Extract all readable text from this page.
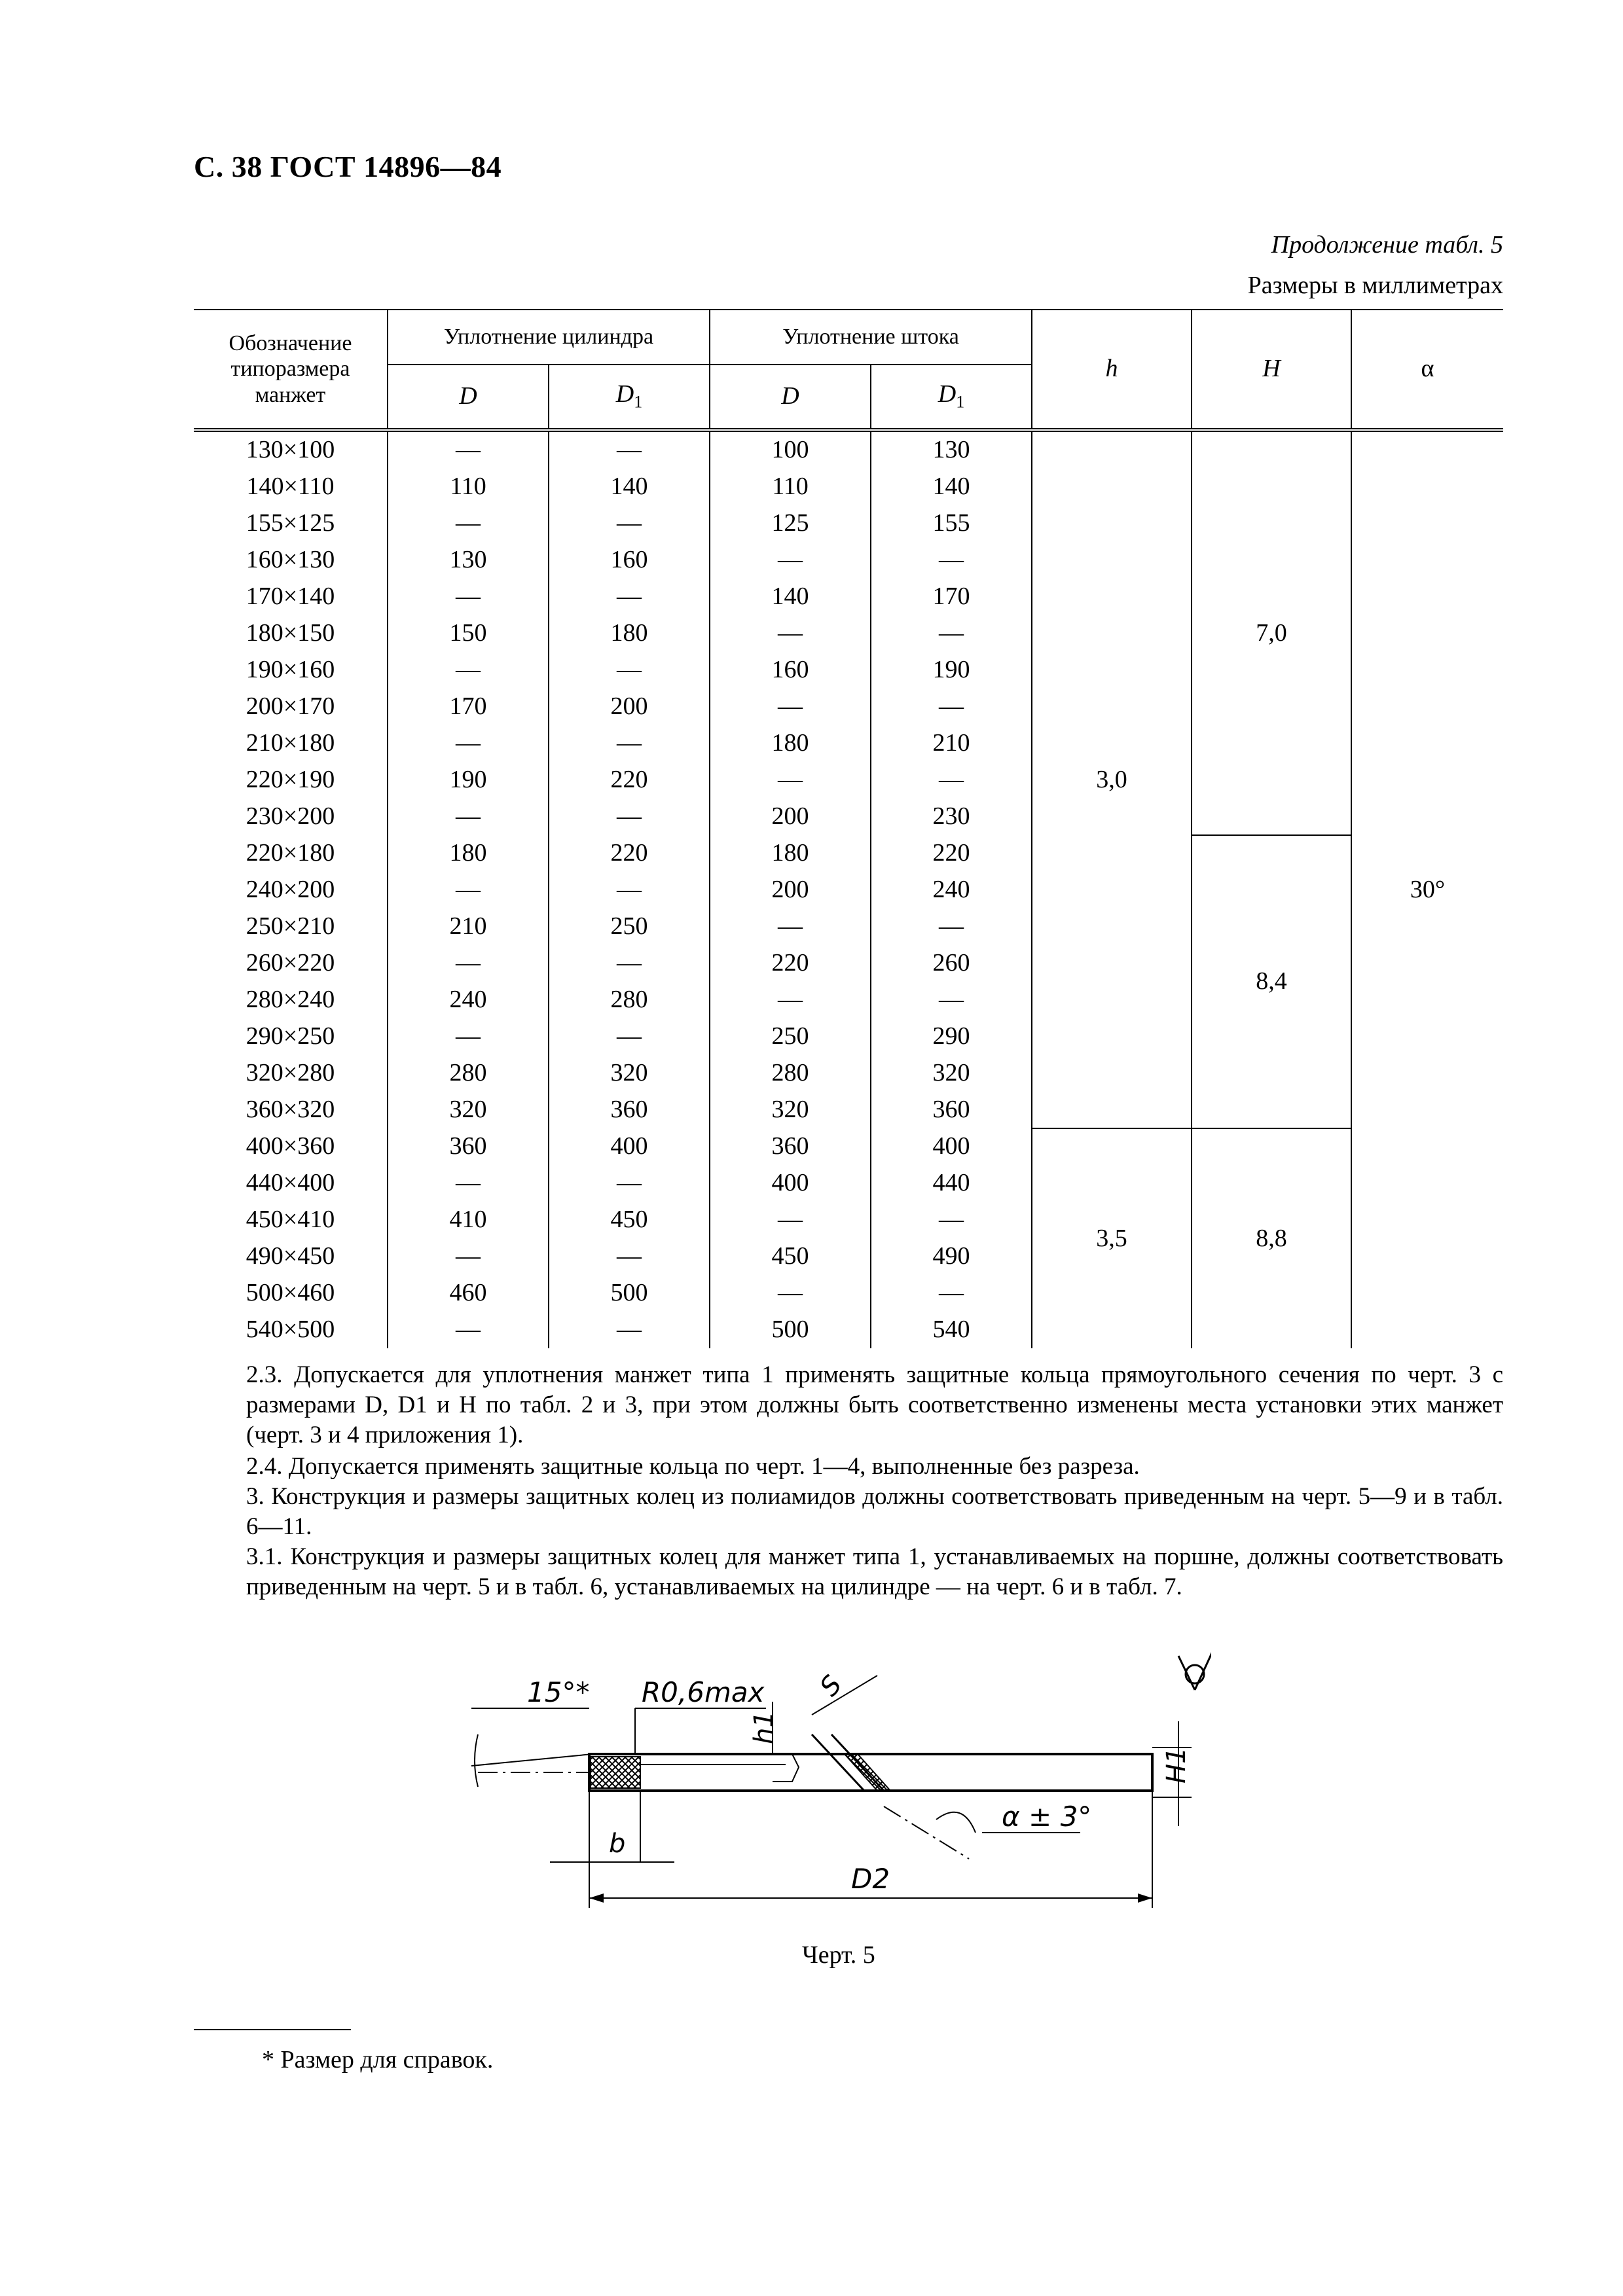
С. 38 ГОСТ 14896—84
Продолжение табл. 5
Размеры в миллиметрах
Обозначение типоразмера манжет	Уплотнение цилиндра		Уплотнение штока		h	H	α
	D	$D_1$	D	$D_1$
130×100	—	—	100	130	3,0	7,0	30°
140×110	110	140	110	140			
155×125	—	—	125	155			
160×130	130	160	—	—			
170×140	—	—	140	170			
180×150	150	180	—	—			
190×160	—	—	160	190			
200×170	170	200	—	—			
210×180	—	—	180	210			
220×190	190	220	—	—			
230×200	—	—	200	230			
220×180	180	220	180	220		8,4	
240×200	—	—	200	240			
250×210	210	250	—	—			
260×220	—	—	220	260			
280×240	240	280	—	—			
290×250	—	—	250	290			
320×280	280	320	280	320			
360×320	320	360	320	360			
400×360	360	400	360	400	3,5	8,8	
440×400	—	—	400	440			
450×410	410	450	—	—			
490×450	—	—	450	490			
500×460	460	500	—	—			
540×500	—	—	500	540			
2.3. Допускается для уплотнения манжет типа 1 применять защитные кольца прямоугольного сечения по черт. 3 с размерами D, D1 и H по табл. 2 и 3, при этом должны быть соответственно изменены места установки этих манжет (черт. 3 и 4 приложения 1).
2.4. Допускается применять защитные кольца по черт. 1—4, выполненные без разреза.
3. Конструкция и размеры защитных колец из полиамидов должны соответствовать приведенным на черт. 5—9 и в табл. 6—11.
3.1. Конструкция и размеры защитных колец для манжет типа 1, устанавливаемых на поршне, должны соответствовать приведенным на черт. 5 и в табл. 6, устанавливаемых на цилиндре — на черт. 6 и в табл. 7.
15°* R0,6max S
h1
H1
α ± 3°
b
D2
Черт. 5
* Размер для справок.
